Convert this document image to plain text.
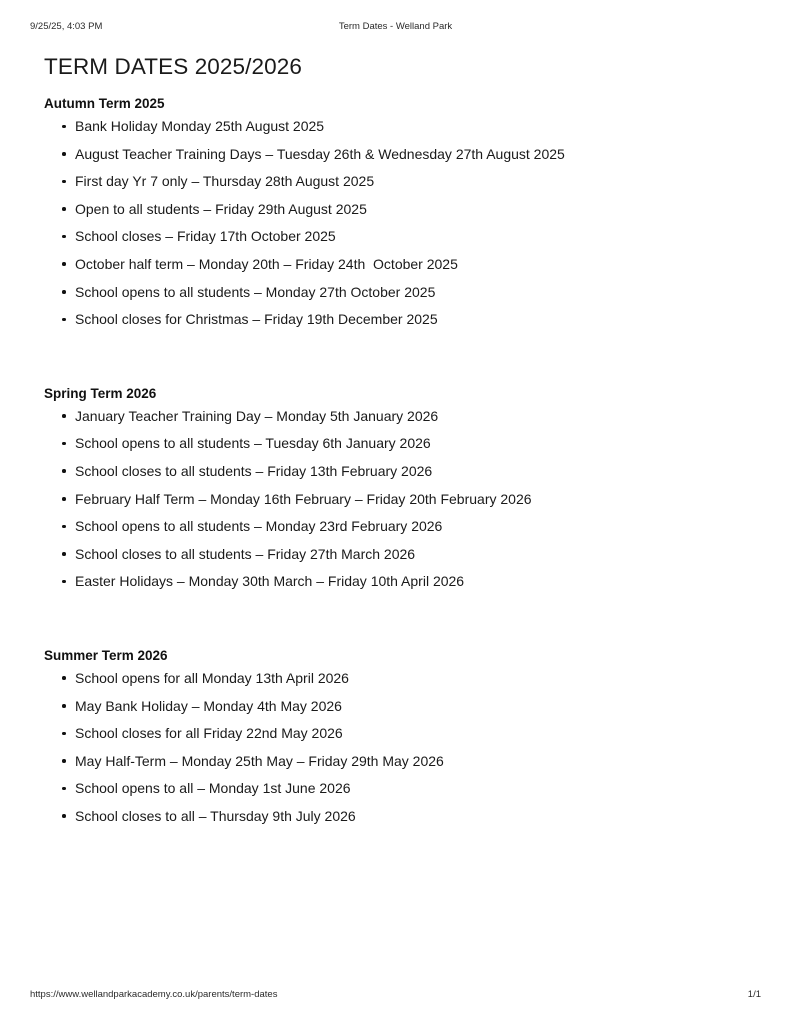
9/25/25, 4:03 PM	Term Dates - Welland Park
TERM DATES 2025/2026
Autumn Term 2025
Bank Holiday Monday 25th August 2025
August Teacher Training Days – Tuesday 26th & Wednesday 27th August 2025
First day Yr 7 only – Thursday 28th August 2025
Open to all students – Friday 29th August 2025
School closes – Friday 17th October 2025
October half term – Monday 20th – Friday 24th  October 2025
School opens to all students – Monday 27th October 2025
School closes for Christmas – Friday 19th December 2025
Spring Term 2026
January Teacher Training Day – Monday 5th January 2026
School opens to all students – Tuesday 6th January 2026
School closes to all students – Friday 13th February 2026
February Half Term – Monday 16th February – Friday 20th February 2026
School opens to all students – Monday 23rd February 2026
School closes to all students – Friday 27th March 2026
Easter Holidays – Monday 30th March – Friday 10th April 2026
Summer Term 2026
School opens for all Monday 13th April 2026
May Bank Holiday – Monday 4th May 2026
School closes for all Friday 22nd May 2026
May Half-Term – Monday 25th May – Friday 29th May 2026
School opens to all – Monday 1st June 2026
School closes to all – Thursday 9th July 2026
https://www.wellandparkacademy.co.uk/parents/term-dates	1/1
